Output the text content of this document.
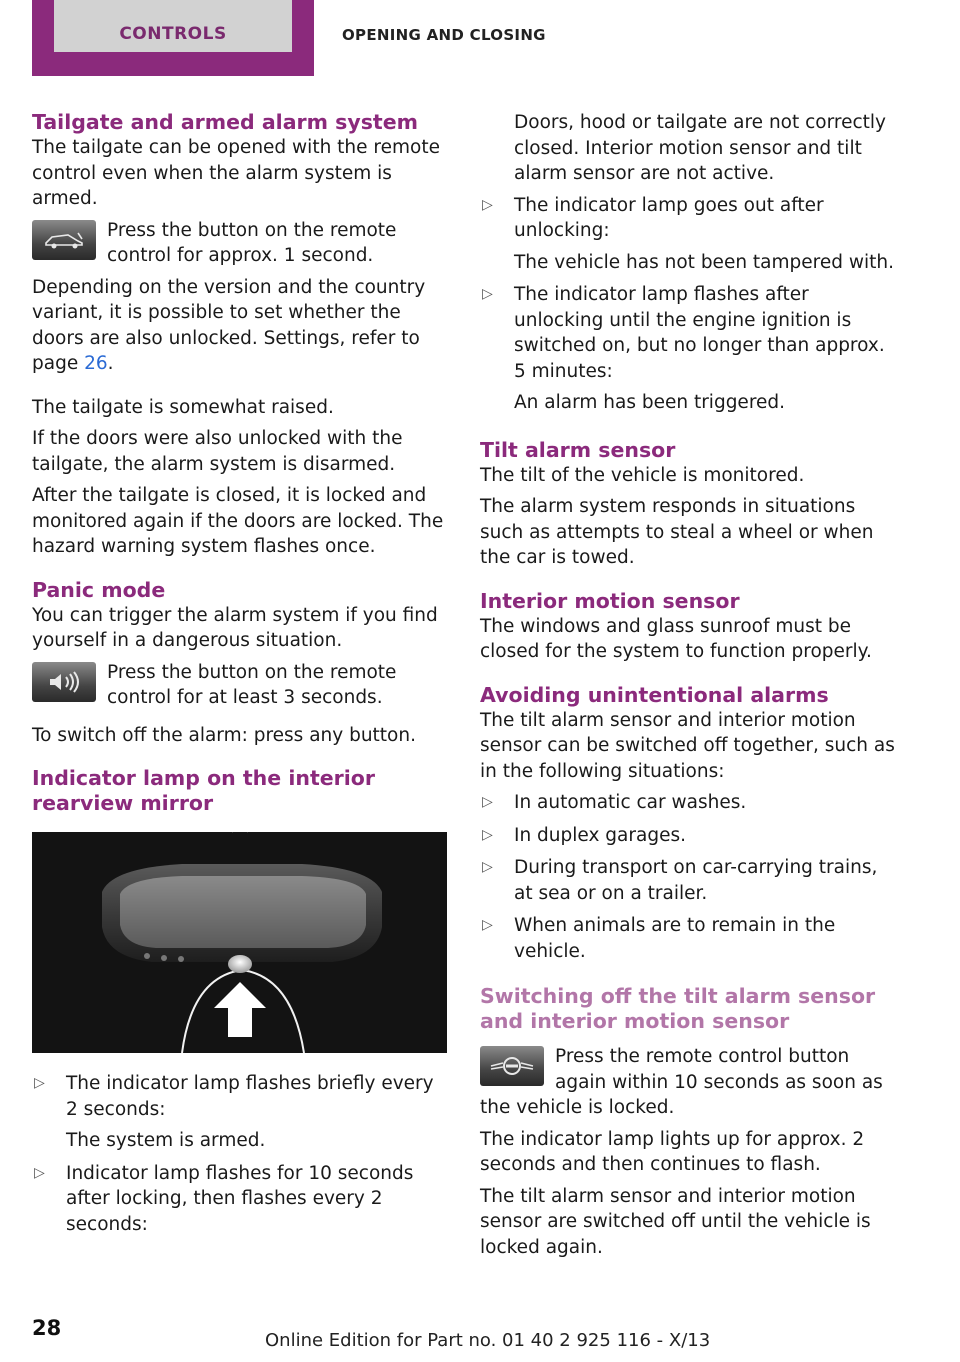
CONTROLS	OPENING AND CLOSING
Tailgate and armed alarm system

The tailgate can be opened with the remote control even when the alarm system is armed.

Press the button on the remote control for approx. 1 second.

Depending on the version and the country variant, it is possible to set whether the doors are also unlocked. Settings, refer to page 26.

The tailgate is somewhat raised.

If the doors were also unlocked with the tailgate, the alarm system is disarmed.

After the tailgate is closed, it is locked and monitored again if the doors are locked. The hazard warning system flashes once.

Panic mode

You can trigger the alarm system if you find yourself in a dangerous situation.

Press the button on the remote control for at least 3 seconds.

To switch off the alarm: press any button.

Indicator lamp on the interior rearview mirror
▷ The indicator lamp flashes briefly every 2 seconds:
The system is armed.
▷ Indicator lamp flashes for 10 seconds after locking, then flashes every 2 seconds:

Doors, hood or tailgate are not correctly closed. Interior motion sensor and tilt alarm sensor are not active.

▷ The indicator lamp goes out after unlocking:
The vehicle has not been tampered with.
▷ The indicator lamp flashes after unlocking until the engine ignition is switched on, but no longer than approx. 5 minutes:
An alarm has been triggered.
Tilt alarm sensor

The tilt of the vehicle is monitored.

The alarm system responds in situations such as attempts to steal a wheel or when the car is towed.

Interior motion sensor

The windows and glass sunroof must be closed for the system to function properly.

Avoiding unintentional alarms

The tilt alarm sensor and interior motion sensor can be switched off together, such as in the following situations:

▷ In automatic car washes.
▷ In duplex garages.
▷ During transport on car-carrying trains, at sea or on a trailer.
▷ When animals are to remain in the vehicle.
Switching off the tilt alarm sensor and interior motion sensor
Press the remote control button again within 10 seconds as soon as the vehicle is locked.

The indicator lamp lights up for approx. 2 seconds and then continues to flash.

The tilt alarm sensor and interior motion sensor are switched off until the vehicle is locked again.

28
Online Edition for Part no. 01 40 2 925 116 - X/13
